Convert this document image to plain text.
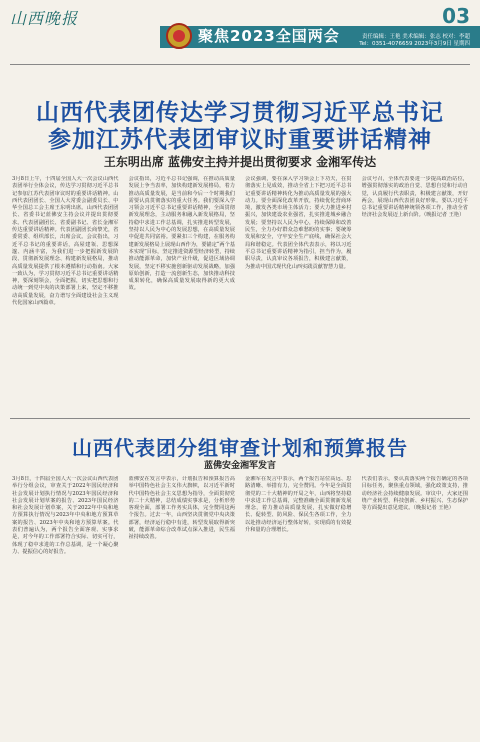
山西晚报
聚焦2023全国两会
03
责任编辑：王艳 美术编辑：张志 校对：李超
Tel：0351-4076659 2023年3月9日 星期四
山西代表团传达学习贯彻习近平总书记
参加江苏代表团审议时重要讲话精神
王东明出席 蓝佛安主持并提出贯彻要求 金湘军传达
3月8日上午，十四届全国人大一次会议山西代表团举行全体会议，传达学习贯彻习近平总书记参加江苏代表团审议时的重要讲话精神。山西代表团团长、全国人大常委会副委员长、中华全国总工会主席王东明出席。山西代表团团长、省委书记蓝佛安主持会议并提出贯彻要求。代表团副团长、省委副书记、省长金湘军传达重要讲话精神。代表团副团长商黎光，省委常委、组织部长，出席会议。会议指出，习近平总书记的重要讲话，高屋建瓴、思想深邃、内涵丰富，为我们进一步把握新发展阶段、贯彻新发展理念、构建新发展格局，推动高质量发展提供了根本遵循和行动指南。大家一致认为，学习贯彻习近平总书记重要讲话精神，要深刻领会，全面把握，切实把思想和行动统一到党中央的决策部署上来，坚定不移推动高质量发展，奋力谱写全面建设社会主义现代化国家山西篇章。
会议指出，习近平总书记强调，在推动高质量发展上争当表率，加快构建新发展格局，着力推动高质量发展，是当前和今后一个时期我们需要认真贯彻落实的重大任务。我们要深入学习领会习近平总书记重要讲话精神，全面贯彻新发展理念，主动服务和融入新发展格局，坚持稳中求进工作总基调，扎实推进转型发展，坚持以人民为中心的发展思想，在高质量发展中促进共同富裕。要紧扣三个构建，在服务构建新发展格局上展现山西作为，要锚定“两个基本实现”目标，坚定推进资源型经济转型，持续推动能源革命，加快产业升级，促进区域协调发展，坚定不移实施创新驱动发展战略，加强原始创新，打造一流创新生态，加快推动科技成果转化，确保高质量发展取得新的更大成效。
会议强调，要在深入学习领会上下功夫，在贯彻落实上见成效，推动全省上下把习近平总书记重要讲话精神转化为推动高质量发展的强大动力。要全面深化改革开放，持续优化营商环境，激发各类市场主体活力；要大力推进乡村振兴，加快建设农业强省，扎实推进城乡融合发展；要坚持以人民为中心，持续保障和改善民生，全力办好群众急难愁盼的实事；要统筹发展和安全，守牢安全生产底线，确保社会大局和谐稳定。代表团全体代表表示，将以习近平总书记重要讲话精神为指引，担当作为，履职尽责，认真审议各项报告，积极建言献策，为推动中国式现代化山西实践贡献智慧力量。
会议号召，全体代表要进一步提高政治站位，增强贯彻落实的政治自觉、思想自觉和行动自觉，认真履行代表职责，积极建言献策，开好两会，展现山西代表团良好形象。要以习近平总书记重要讲话精神统领各项工作，推动全省经济社会发展迈上新台阶。（晚报记者 王艳）
山西代表团分组审查计划和预算报告
蓝佛安金湘军发言
3月8日，十四届全国人大一次会议山西代表团举行分组会议，审查关于2022年国民经济和社会发展计划执行情况与2023年国民经济和社会发展计划草案的报告、2023年国民经济和社会发展计划草案，关于2022年中央和地方预算执行情况与2023年中央和地方预算草案的报告、2023年中央和地方预算草案。代表们普遍认为，两个报告全面客观、实事求是，对今年的工作部署符合实际、切实可行，体现了稳中求进的工作总基调，是一个凝心聚力、提振信心的好报告。
蓝佛安在发言中表示，计划报告和预算报告高举中国特色社会主义伟大旗帜，以习近平新时代中国特色社会主义思想为指导，全面贯彻党的二十大精神，总结成绩实事求是，分析形势客观全面，部署工作务实具体，完全赞同这两个报告。过去一年，山西坚决贯彻党中央决策部署，经济运行稳中有进，转型发展取得新突破，能源革命综合改革试点深入推进，民生福祉持续改善。
金湘军在发言中表示，两个报告站位高远、思路清晰、举措有力，完全赞同。今年是全面贯彻党的二十大精神的开局之年，山西将坚持稳中求进工作总基调，完整准确全面贯彻新发展理念，着力推动高质量发展，扎实做好稳增长、促转型、防风险、保民生各项工作，全力以赴推动经济运行整体好转，实现质的有效提升和量的合理增长。
代表们表示，要认真落实两个报告确定的各项目标任务，聚焦重点领域，强化政策支持，推动经济社会持续健康发展。审议中，大家还围绕产业转型、科技创新、乡村振兴、生态保护等方面提出意见建议。（晚报记者 王艳）
